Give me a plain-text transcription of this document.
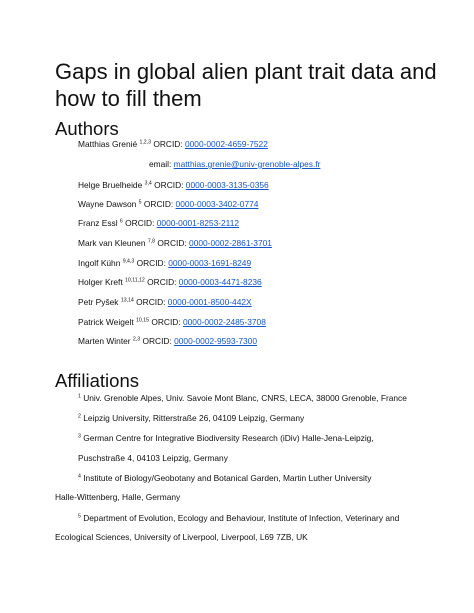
Gaps in global alien plant trait data and how to fill them
Authors
Matthias Grenié $^{1,2,3}$ ORCID: 0000-0002-4659-7522
email: matthias.grenie@univ-grenoble-alpes.fr
Helge Bruelheide $^{3,4}$ ORCID: 0000-0003-3135-0356
Wayne Dawson $^5$ ORCID: 0000-0003-3402-0774
Franz Essl $^6$ ORCID: 0000-0001-8253-2112
Mark van Kleunen $^{7,8}$ ORCID: 0000-0002-2861-3701
Ingolf Kühn $^{9,4,3}$ ORCID: 0000-0003-1691-8249
Holger Kreft $^{10,11,12}$ ORCID: 0000-0003-4471-8236
Petr Pyšek $^{13,14}$ ORCID: 0000-0001-8500-442X
Patrick Weigelt $^{10,15}$ ORCID: 0000-0002-2485-3708
Marten Winter $^{2,3}$ ORCID: 0000-0002-9593-7300
Affiliations
$^1$ Univ. Grenoble Alpes, Univ. Savoie Mont Blanc, CNRS, LECA, 38000 Grenoble, France
$^2$ Leipzig University, Ritterstraße 26, 04109 Leipzig, Germany
$^3$ German Centre for Integrative Biodiversity Research (iDiv) Halle-Jena-Leipzig,
Puschstraße 4, 04103 Leipzig, Germany
$^4$ Institute of Biology/Geobotany and Botanical Garden, Martin Luther University
Halle-Wittenberg, Halle, Germany
$^5$ Department of Evolution, Ecology and Behaviour, Institute of Infection, Veterinary and
Ecological Sciences, University of Liverpool, Liverpool, L69 7ZB, UK
